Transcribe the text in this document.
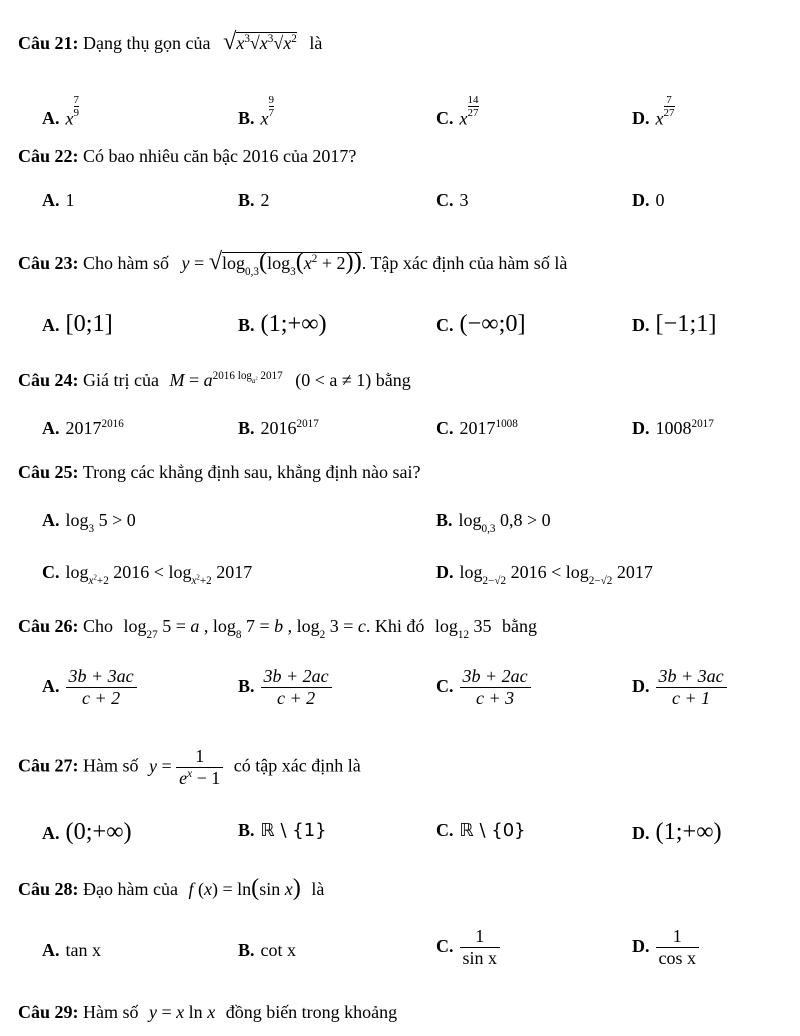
Câu 21: Dạng thụ gọn của $√x^3√x^3√x^2$ là
A. x $\frac{7}{9}$	B. x $\frac{9}{7}$	C. x $\frac{14}{27}$	D. x $\frac{7}{27}$
Câu 22: Có bao nhiêu căn bậc 2016 của 2017?
A. 1	B. 2	C. 3	D. 0
Câu 23: Cho hàm số $y = √\log_{0,3}(\log_3(x^2 + 2))$. Tập xác định của hàm số là
A. [0;1]	B. (1;+∞)	C. (−∞;0]	D. [−1;1]
Câu 24: Giá trị của $M = a^{2016 log_{a^2} 2017}$ (0 < a ≠ 1) bằng
A. $2017^{2016}$	B. $2016^{2017}$	C. $2017^{1008}$	D. $1008^{2017}$
Câu 25: Trong các khẳng định sau, khẳng định nào sai?
A. $\log_3 5 > 0$	B. $\log_{0,3} 0,8 > 0$
C. $\log_{x^2+2} 2016 < \log_{x^2+2} 2017$	D. $\log_{2-√2} 2016 < \log_{2-√2} 2017$
Câu 26: Cho $\log_{27} 5 = a$ , $\log_8 7 = b$ , $\log_2 3 = c$. Khi đó $\log_{12} 35$ bằng
A. $\frac{3b + 3ac}{c + 2}$	B. $\frac{3b + 2ac}{c + 2}$	C. $\frac{3b + 2ac}{c + 3}$	D. $\frac{3b + 3ac}{c + 1}$
Câu 27: Hàm số $y = \frac{1}{e^x - 1}$ có tập xác định là
A. (0;+∞)	B. ℝ \ {1}	C. ℝ \ {0}	D. (1;+∞)
Câu 28: Đạo hàm của f (x) = ln(sin x) là
A. tan x	B. cot x	C. $\frac{1}{\text{sin x}}$	D. $\frac{1}{\text{cos x}}$
Câu 29: Hàm số y = x ln x đồng biến trong khoảng
